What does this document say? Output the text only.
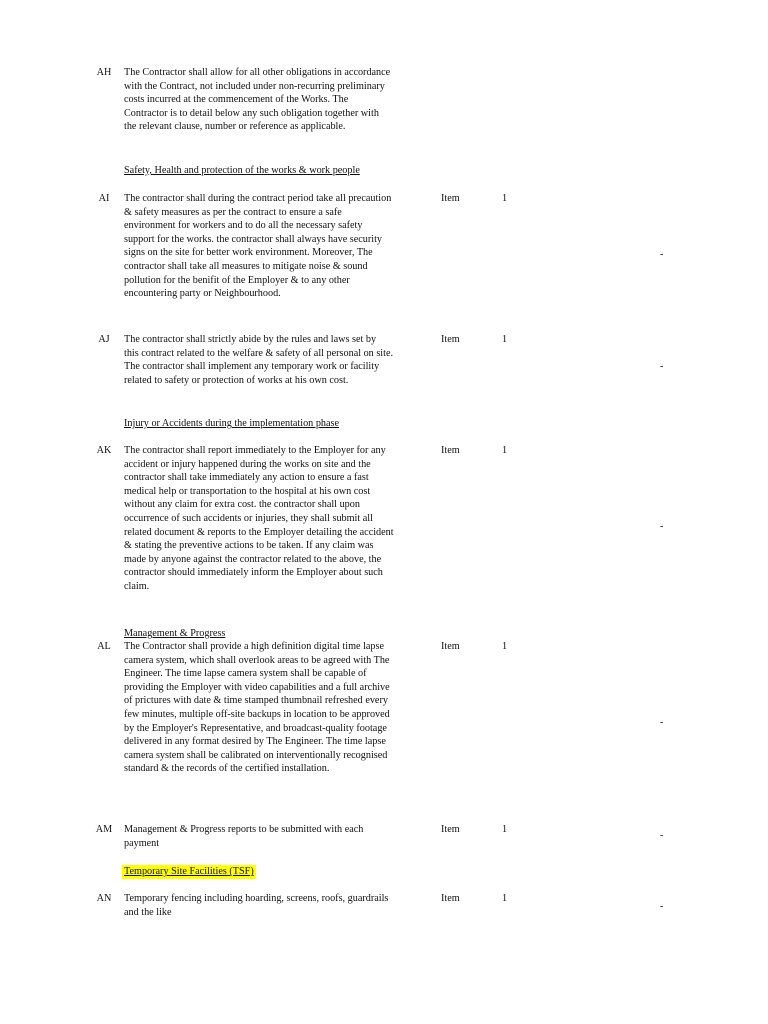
AH	The Contractor shall allow for all other obligations in accordance
with the Contract, not included under non-recurring preliminary
costs incurred at the commencement of the Works. The
Contractor is to detail below any such obligation together with
the relevant clause, number or reference as applicable.
Safety, Health and protection of the works & work people
AI	The contractor shall during the contract period take all precaution
& safety measures as per the contract to ensure a safe
environment for workers and to do all the necessary safety
support for the works. the contractor shall always have security
signs on the site for better work environment. Moreover, The
contractor shall take all measures to mitigate noise & sound
pollution for the benifit of the Employer & to any other
encountering party or Neighbourhood.
Item	1
-
AJ	The contractor shall strictly abide by the rules and laws set by
this contract related to the welfare & safety of all personal on site.
The contractor shall implement any temporary work or facility
related to safety or protection of works at his own cost.
Item	1
-
Injury or Accidents during the implementation phase
AK	The contractor shall report immediately to the Employer for any
accident or injury happened during the works on site and the
contractor shall take immediately any action to ensure a fast
medical help or transportation to the hospital at his own cost
without any claim for extra cost. the contractor shall upon
occurrence of such accidents or injuries, they shall submit all
related document & reports to the Employer detailing the accident
& stating the preventive actions to be taken. If any claim was
made by anyone against the contractor related to the above, the
contractor should immediately inform the Employer about such
claim.
Item	1
-
Management & Progress
AL	The Contractor shall provide a high definition digital time lapse
camera system, which shall overlook areas to be agreed with The
Engineer. The time lapse camera system shall be capable of
providing the Employer with video capabilities and a full archive
of prictures with date & time stamped thumbnail refreshed every
few minutes, multiple off-site backups in location to be approved
by the Employer's Representative, and broadcast-quality footage
delivered in any format desired by The Engineer. The time lapse
camera system shall be calibrated on interventionally recognised
standard & the records of the certified installation.
Item	1
-
AM	Management & Progress reports to be submitted with each
payment
Item	1
-
Temporary Site Facilities (TSF)
AN	Temporary fencing including hoarding, screens, roofs, guardrails
and the like
Item	1
-
